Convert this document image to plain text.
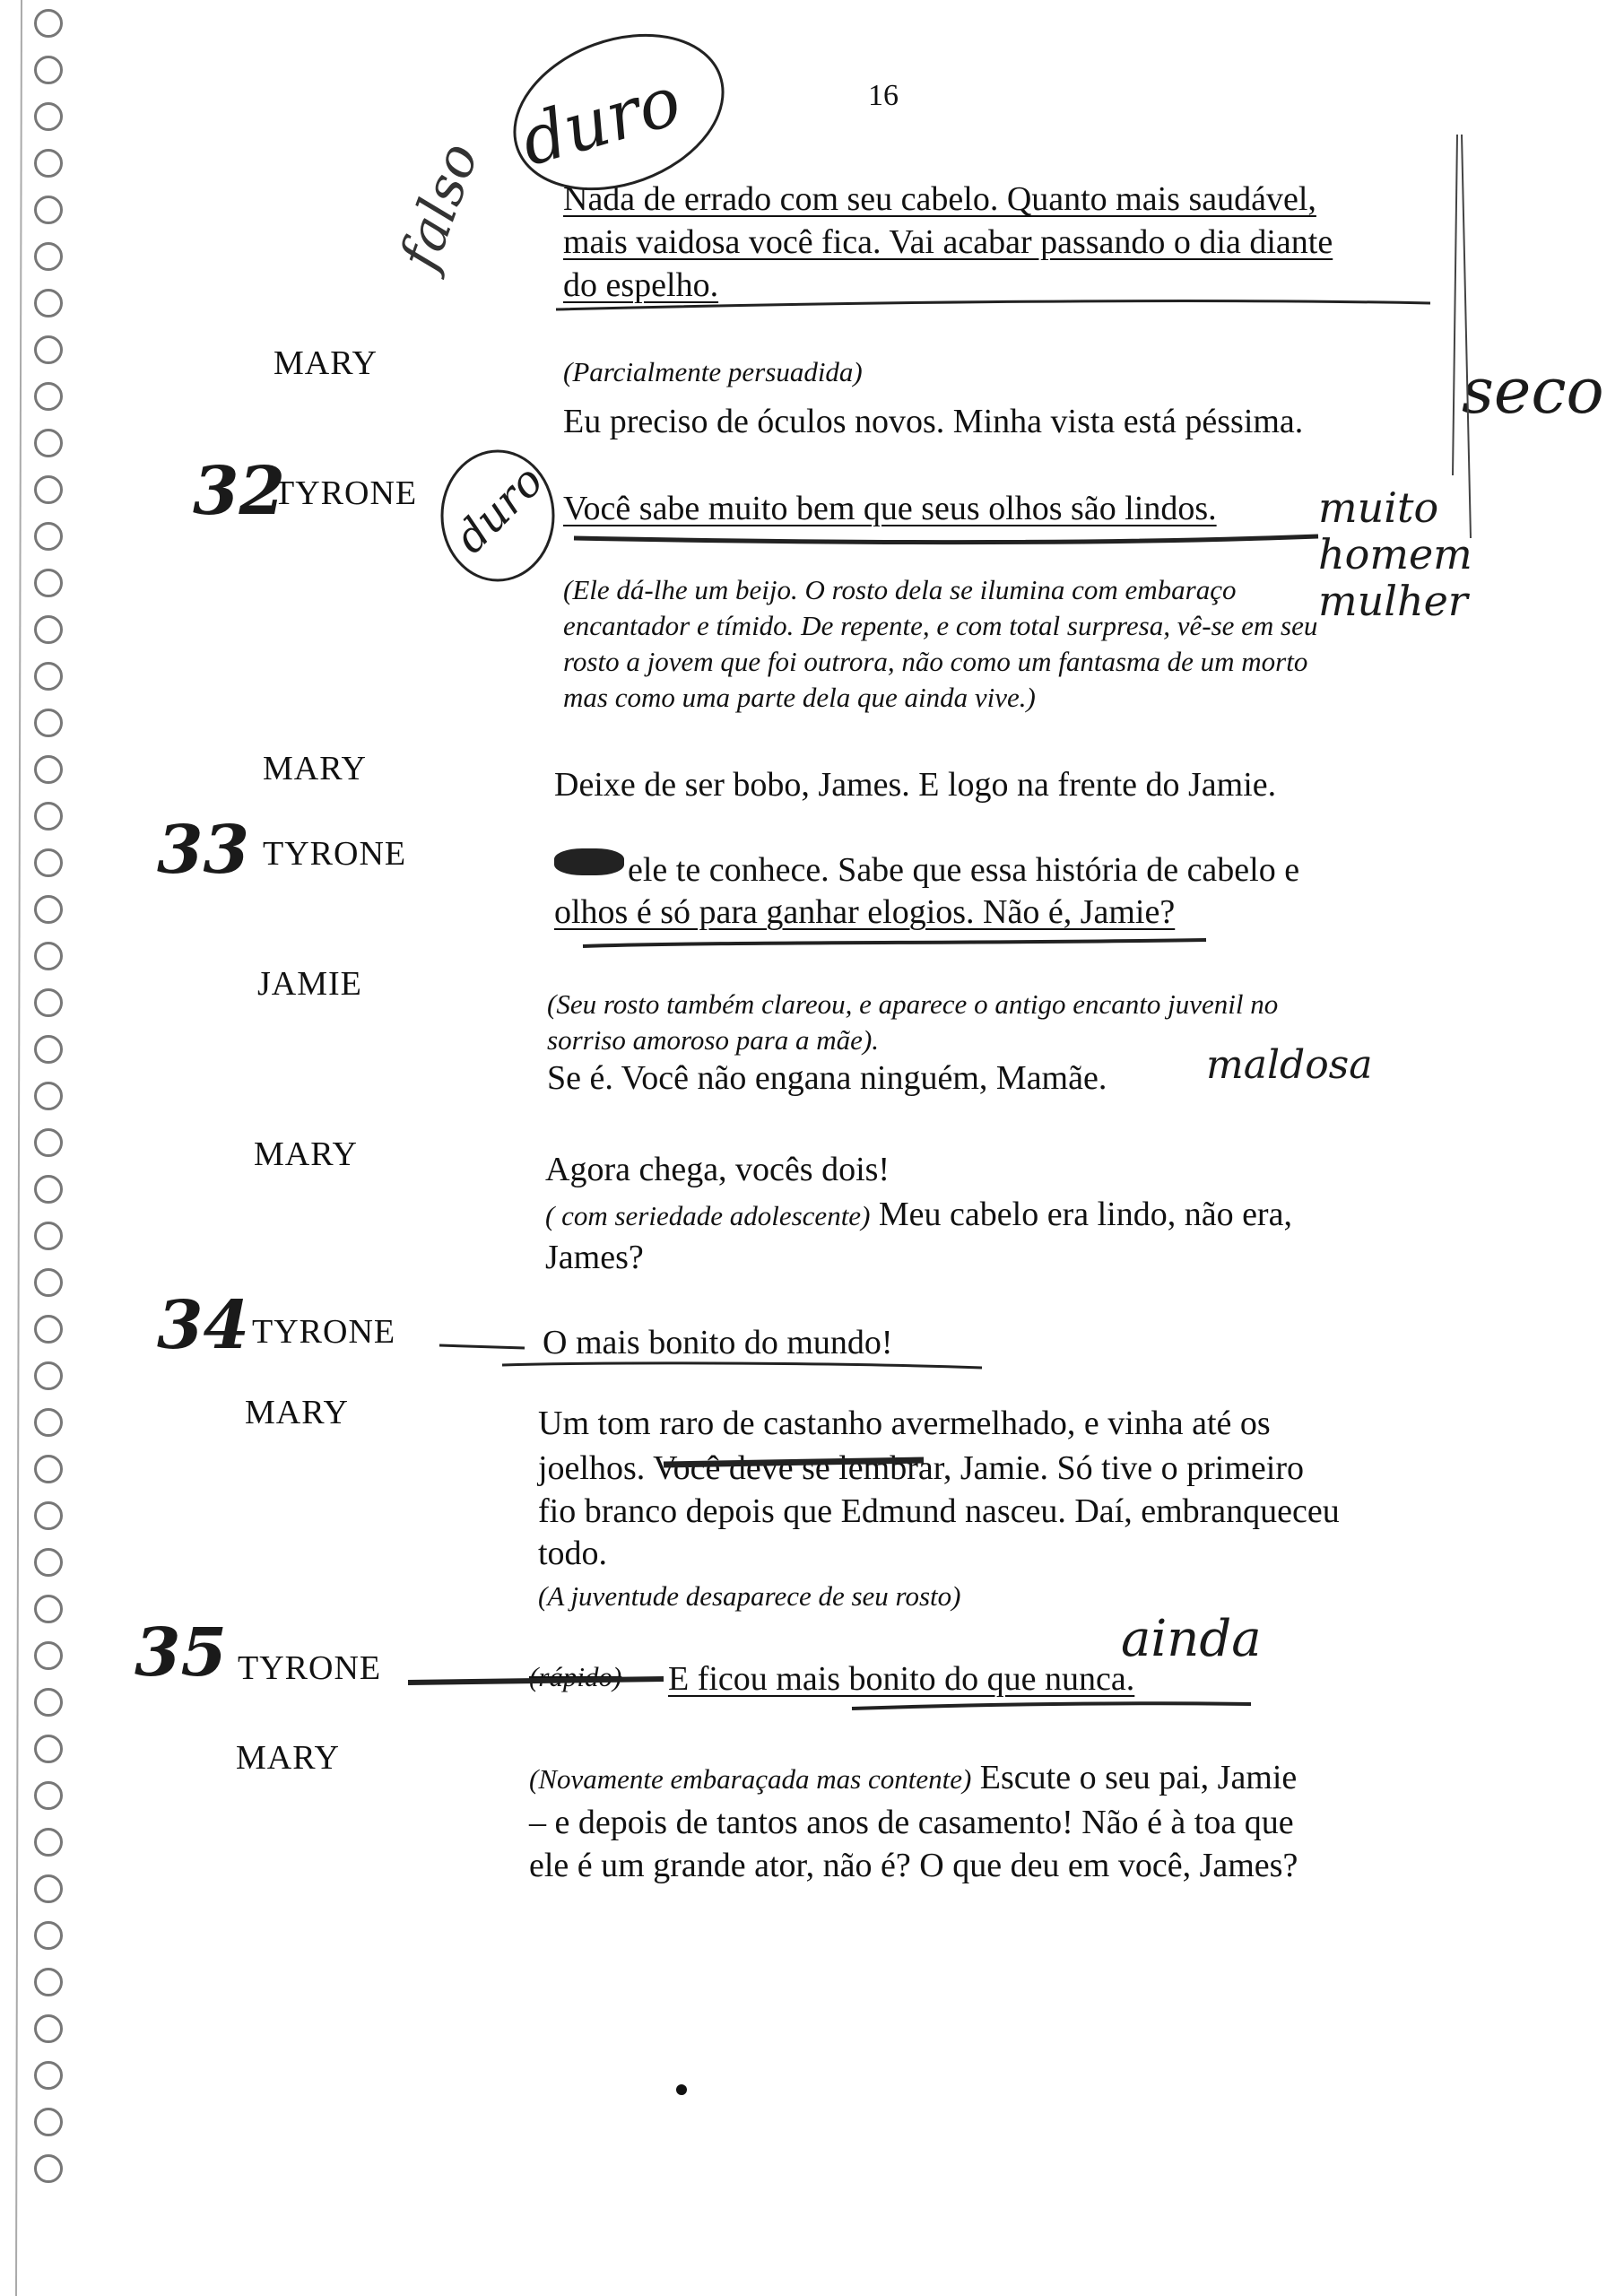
16
Nada de errado com seu cabelo. Quanto mais saudável,
mais vaidosa você fica. Vai acabar passando o dia diante
do espelho.
MARY	(Parcialmente persuadida)
Eu preciso de óculos novos. Minha vista está péssima.
TYRONE	Você sabe muito bem que seus olhos são lindos.
(Ele dá-lhe um beijo. O rosto dela se ilumina com embaraço
encantador e tímido. De repente, e com total surpresa, vê-se em seu
rosto a jovem que foi outrora, não como um fantasma de um morto
mas como uma parte dela que ainda vive.)
MARY	Deixe de ser bobo, James. E logo na frente do Jamie.
TYRONE	ele te conhece. Sabe que essa história de cabelo e
olhos é só para ganhar elogios. Não é, Jamie?
JAMIE
(Seu rosto também clareou, e aparece o antigo encanto juvenil no
sorriso amoroso para a mãe).
Se é. Você não engana ninguém, Mamãe.
MARY	Agora chega, vocês dois!
( com seriedade adolescente) Meu cabelo era lindo, não era,
James?
TYRONE	O mais bonito do mundo!
MARY	Um tom raro de castanho avermelhado, e vinha até os
joelhos. Você deve se lembrar, Jamie. Só tive o primeiro
fio branco depois que Edmund nasceu. Daí, embranqueceu
todo.
(A juventude desaparece de seu rosto)
TYRONE	(rápido) E ficou mais bonito do que nunca.
MARY
(Novamente embaraçada mas contente) Escute o seu pai, Jamie
– e depois de tantos anos de casamento! Não é à toa que
ele é um grande ator, não é? O que deu em você, James?
duro
falso
duro
seco
muito homem mulher
maldosa
ainda
32
33
34
35
